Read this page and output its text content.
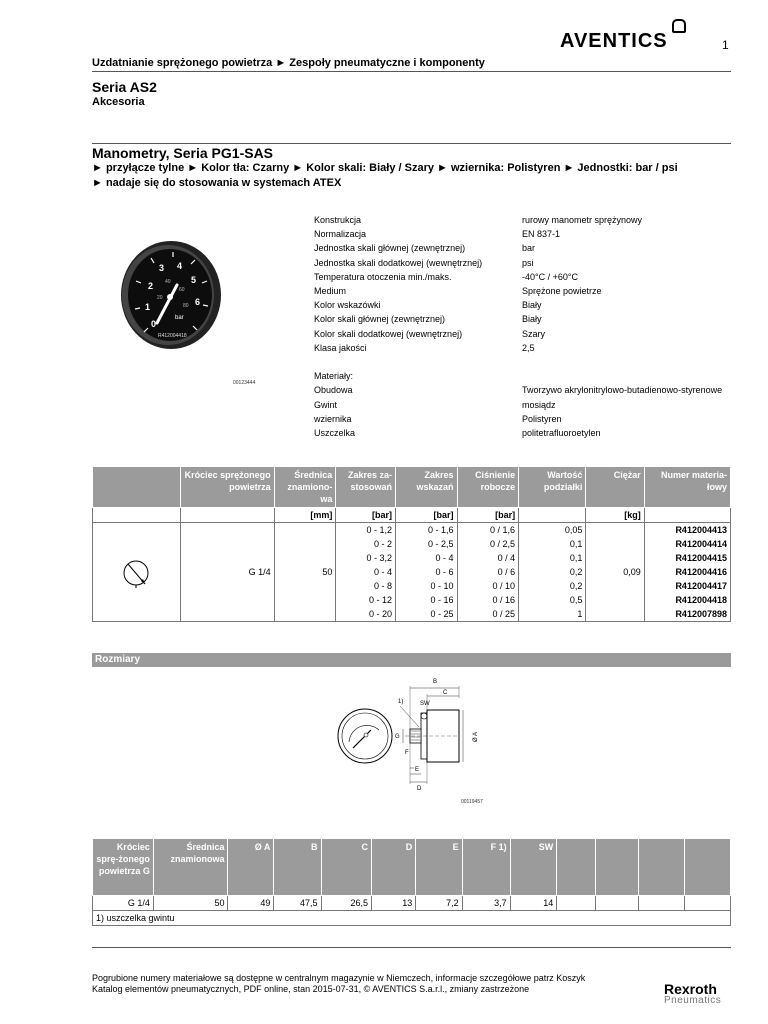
AVENTICS	1
Uzdatnianie sprężonego powietrza ► Zespoły pneumatyczne i komponenty
Seria AS2
Akcesoria
Manometry, Seria PG1-SAS
► przyłącze tylne ► Kolor tła: Czarny ► Kolor skali: Biały / Szary ► wziernika: Polistyren ► Jednostki: bar / psi
► nadaje się do stosowania w systemach ATEX
0
1
2
3 4
5
6
20
40
60
80
bar
R412004418
00123444
Konstrukcja	rurowy manometr sprężynowy
Normalizacja	EN 837-1
Jednostka skali głównej (zewnętrznej)	bar
Jednostka skali dodatkowej (wewnętrznej)	psi
Temperatura otoczenia min./maks.	-40°C / +60°C
Medium	Sprężone powietrze
Kolor wskazówki	Biały
Kolor skali głównej (zewnętrznej)	Biały
Kolor skali dodatkowej (wewnętrznej)	Szary
Klasa jakości	2,5
Materiały:
Obudowa	Tworzywo akrylonitrylowo-butadienowo-styrenowe
Gwint	mosiądz
wziernika	Polistyren
Uszczelka	politetrafluoroetylen
	Króciec sprężonego powietrza	Średnica znamiono-wa	Zakres za-stosowań	Zakres wskazań	Ciśnienie robocze	Wartość podziałki	Ciężar	Numer materia-łowy
		[mm]	[bar]	[bar]	[bar]		[kg]	
	G 1/4	50	0 - 1,2	0 - 1,6	0 / 1,6	0,05	0,09	R412004413
			0 - 2	0 - 2,5	0 / 2,5	0,1		R412004414
			0 - 3,2	0 - 4	0 / 4	0,1		R412004415
			0 - 4	0 - 6	0 / 6	0,2		R412004416
			0 - 8	0 - 10	0 / 10	0,2		R412004417
			0 - 12	0 - 16	0 / 16	0,5		R412004418
			0 - 20	0 - 25	0 / 25	1		R412007898
Rozmiary
B
C
SW
1)
G
F
E
D
Ø A
00119457
Króciec sprę-żonego powietrza G	Średnica znamionowa	Ø A	B	C	D	E	F 1)	SW				
G 1/4	50	49	47,5	26,5	13	7,2	3,7	14				
1) uszczelka gwintu												
Pogrubione numery materiałowe są dostępne w centralnym magazynie w Niemczech, informacje szczegółowe patrz Koszyk
Katalog elementów pneumatycznych, PDF online, stan 2015-07-31, © AVENTICS S.a.r.l., zmiany zastrzeżone	Rexroth
Pneumatics
